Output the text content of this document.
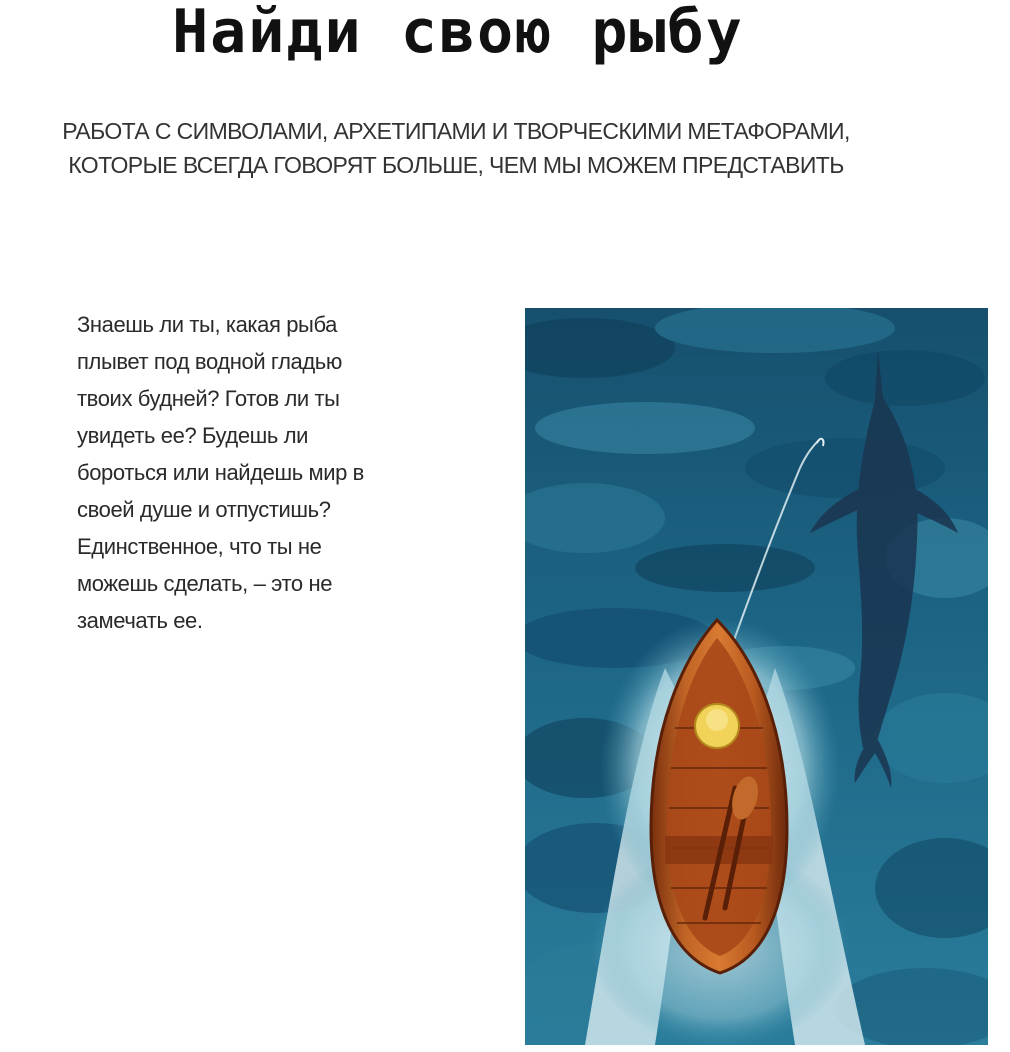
Найди свою рыбу
РАБОТА С СИМВОЛАМИ, АРХЕТИПАМИ И ТВОРЧЕСКИМИ МЕТАФОРАМИ,
КОТОРЫЕ ВСЕГДА ГОВОРЯТ БОЛЬШЕ, ЧЕМ МЫ МОЖЕМ ПРЕДСТАВИТЬ
Знаешь ли ты, какая рыба
плывет под водной гладью
твоих будней? Готов ли ты
увидеть ее? Будешь ли
бороться или найдешь мир в
своей душе и отпустишь?
Единственное, что ты не
можешь сделать, – это не
замечать ее.
